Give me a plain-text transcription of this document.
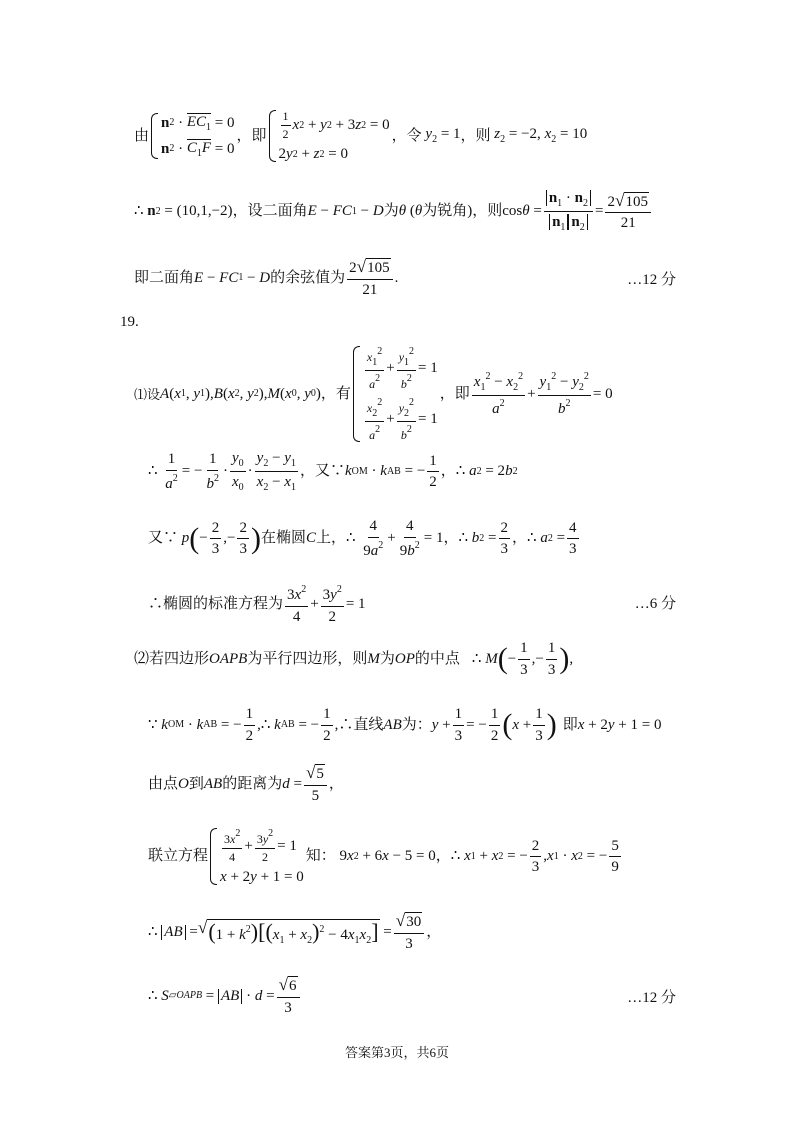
由
n $2 \cdot EC_1 = 0$
n $2 \cdot C_1F = 0$
，即 $\frac{1}{2}$ x 2 + y 2 + 3 z 2 = 0
2 y 2 + z 2 = 0
，令 $y_2 = 1$ ，则 $z_2 = -2$, $x_2 = 10$
∴
n 2 = (10,1,−2) ，设二面角 E − FC 1 − D 为 θ ( θ 为锐角)，则 $\cos \theta = \frac{n_1 \cdot n_2}{n_1 n_2} = \frac{2 √ 105}{21}$
即二面角 E − FC 1 − D 的余弦值为 $\frac{2 √ 105}{21}$ .	…12 分
19.
⑴设 A ( x 1 , y 1 ), B ( x 2 , y 2 ), M ( x 0 , y 0 ) ，有
$\frac{x_1^2}{a^2} + \frac{y_1^2}{b^2} = 1$
$\frac{x_2^2}{a^2} + \frac{y_2^2}{b^2} = 1$
，即 $\frac{x_1^2 - x_2^2}{a^2} + \frac{y_1^2 - y_2^2}{b^2} = 0$
∴
$\frac{1}{a^2}$ = − $\frac{1}{b^2} \cdot \frac{y_0}{x_0} \cdot \frac{y_2 - y_1}{x_2 - x_1}$ ， 又∵ k OM · k AB = − $\frac{1}{2}$ ， ∴
a 2 = 2 b 2
又∵
p ( − $\frac{2}{3}$ ,− $\frac{2}{3}$ ) 在椭圆 C 上， ∴
$\frac{4}{9a^2} + \frac{4}{9b^2} = 1$ ， ∴
b $2 = \frac{2}{3}$ ， ∴
a $2 = \frac{4}{3}$
∴椭圆的标准方程为 $\frac{3x^2}{4} + \frac{3y^2}{2} = 1$	…6 分
⑵若四边形 OAPB 为平行四边形，则 M 为 OP 的中点 ∴
M ( − $\frac{1}{3}$ ,− $\frac{1}{3}$ ) ,
∵
k OM · k AB = − $\frac{1}{2}$ , ∴
k AB = − $\frac{1}{2}$ , ∴直线 AB 为： $y + \frac{1}{3}$ = − $\frac{1}{2}$ ( $x + \frac{1}{3}$ ) 即 x + 2 y + 1 = 0
由点 O 到 AB 的距离为 $d = \frac{√ 5}{5}$ ，
联立方程 $\frac{3x^2}{4} + \frac{3y^2}{2} = 1$
x + 2 y + 1 = 0
知： 9 x 2 + 6 x − 5 = 0 ， ∴
x 1 + x 2 = − $\frac{2}{3}$ , x 1 · x 2 = − $\frac{5}{9}$
∴
AB = √ $(1 + k^2)[(x_1 + x_2)^2 - 4x_1x_2] = \frac{√ 30}{3}$ ，
∴
S ▱OAPB = AB · $d = \frac{√ 6}{3}$	…12 分
答案第3页，共6页
